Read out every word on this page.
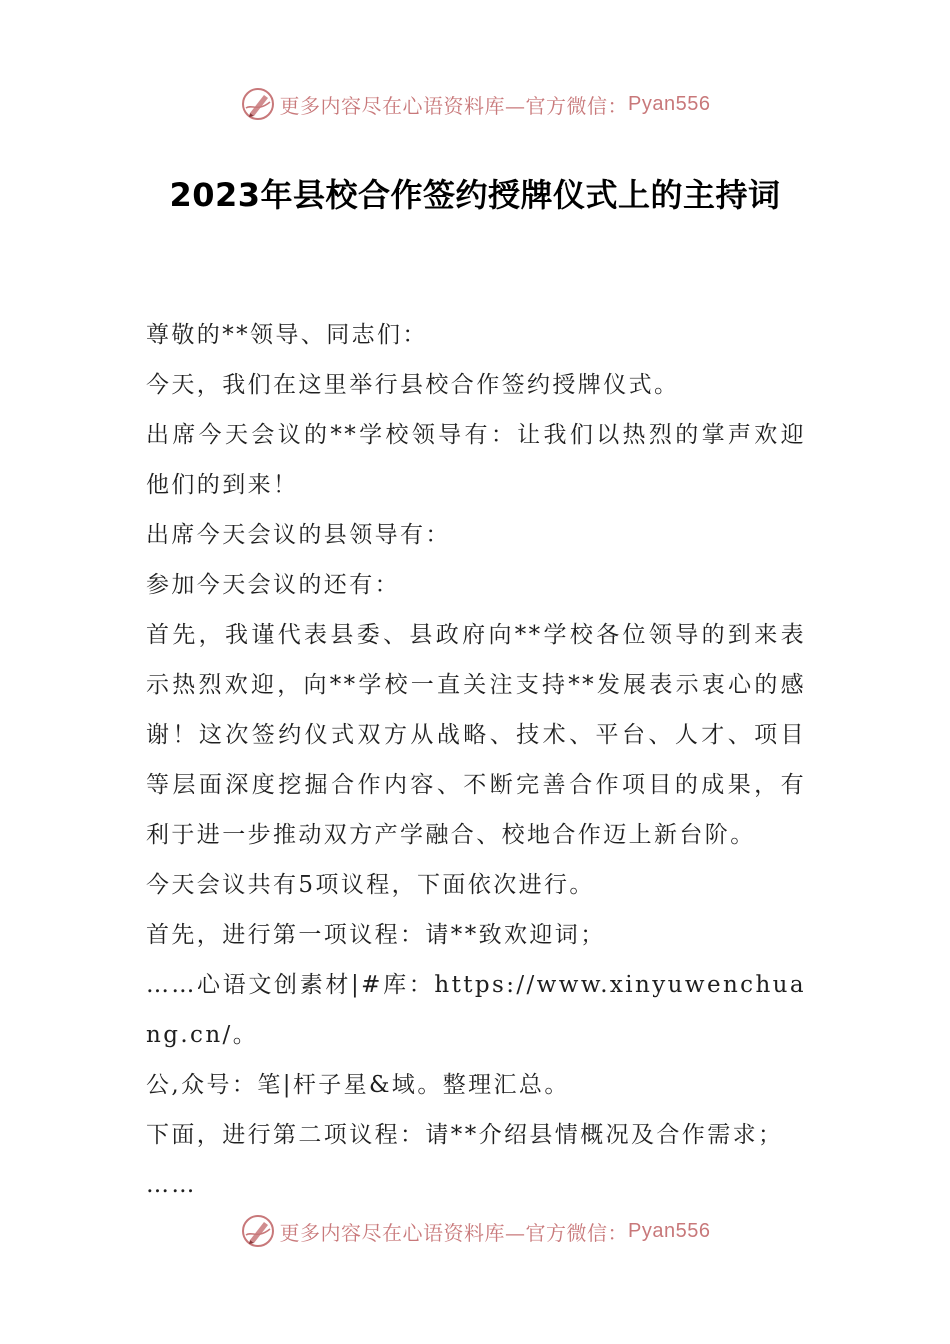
更多内容尽在心语资料库—官方微信： Pyan556
2023年县校合作签约授牌仪式上的主持词

尊敬的**领导、同志们：

今天，我们在这里举行县校合作签约授牌仪式。

出席今天会议的**学校领导有：让我们以热烈的掌声欢迎他们的到来！

出席今天会议的县领导有：

参加今天会议的还有：

首先，我谨代表县委、县政府向**学校各位领导的到来表示热烈欢迎，向**学校一直关注支持**发展表示衷心的感谢！这次签约仪式双方从战略、技术、平台、人才、项目等层面深度挖掘合作内容、不断完善合作项目的成果，有利于进一步推动双方产学融合、校地合作迈上新台阶。

今天会议共有5项议程，下面依次进行。

首先，进行第一项议程：请**致欢迎词；

……心语文创素材|#库：https://www.xinyuwenchuang.cn/。

公,众号：笔|杆子星&域。整理汇总。

下面，进行第二项议程：请**介绍县情概况及合作需求；

……

更多内容尽在心语资料库—官方微信： Pyan556
